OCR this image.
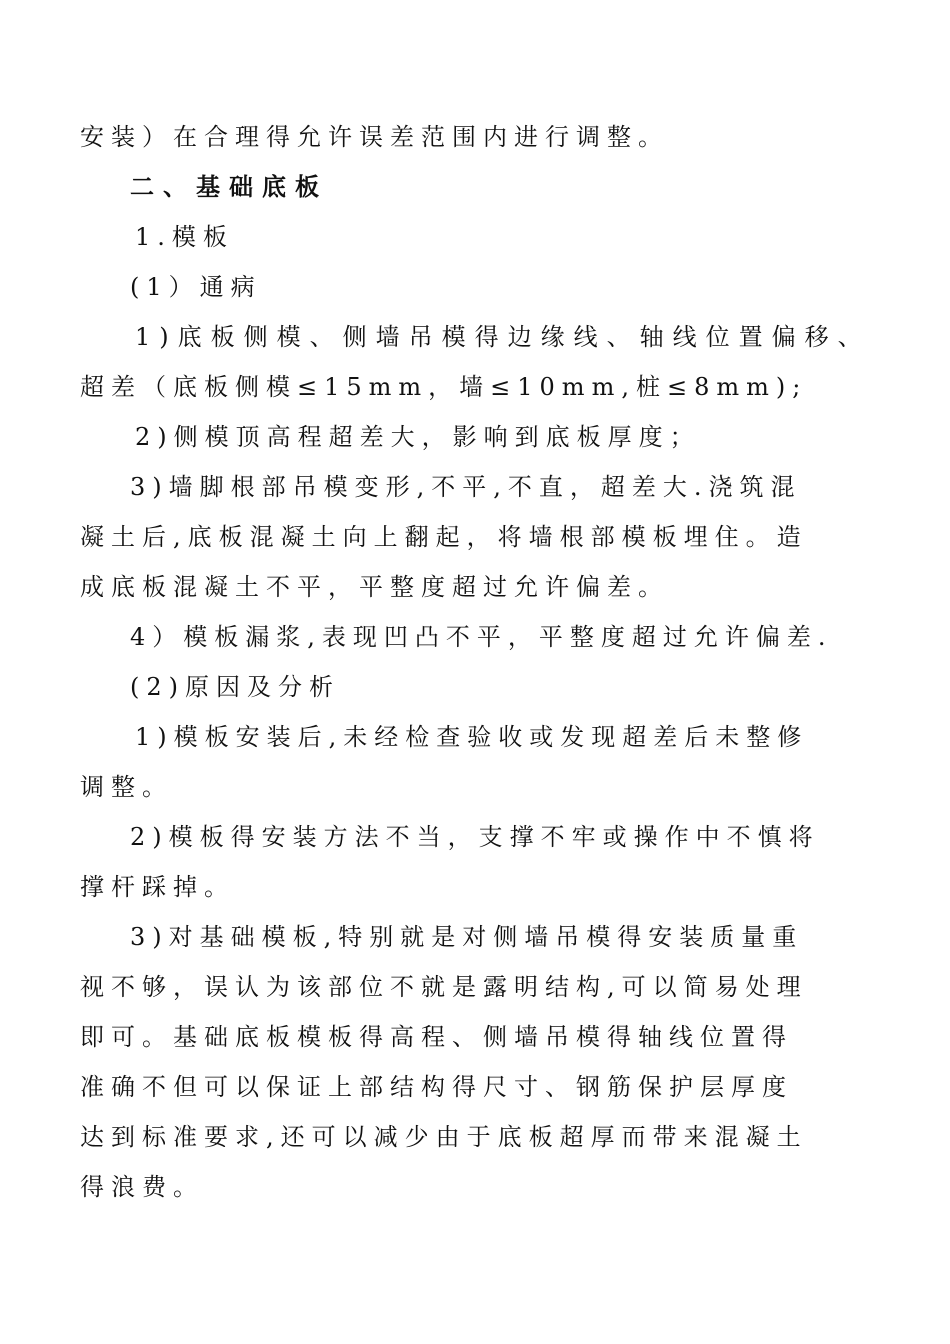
安装）在合理得允许误差范围内进行调整。
二、基础底板
1.模板
(1）通病
1)底板侧模、侧墙吊模得边缘线、轴线位置偏移、
超差（底板侧模≤15mm，墙≤10mm,桩≤8mm);
2)侧模顶高程超差大，影响到底板厚度；
3)墙脚根部吊模变形,不平,不直，超差大.浇筑混
凝土后,底板混凝土向上翻起，将墙根部模板埋住。造
成底板混凝土不平，平整度超过允许偏差。
4）模板漏浆,表现凹凸不平，平整度超过允许偏差.
(2)原因及分析
1)模板安装后,未经检查验收或发现超差后未整修
调整。
2)模板得安装方法不当，支撑不牢或操作中不慎将
撑杆踩掉。
3)对基础模板,特别就是对侧墙吊模得安装质量重
视不够，误认为该部位不就是露明结构,可以简易处理
即可。基础底板模板得高程、侧墙吊模得轴线位置得
准确不但可以保证上部结构得尺寸、钢筋保护层厚度
达到标准要求,还可以减少由于底板超厚而带来混凝土
得浪费。
